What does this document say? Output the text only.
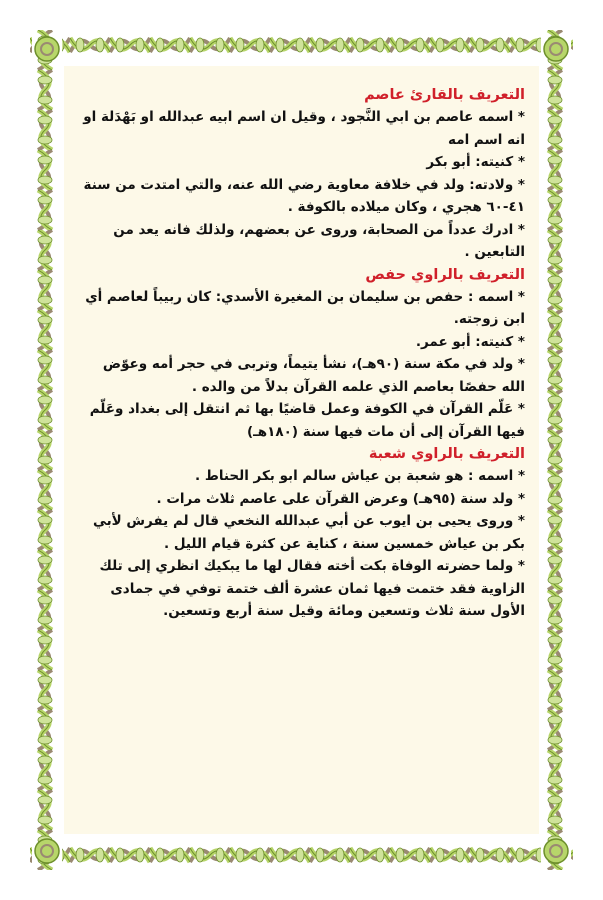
التعريف بالقارئ عاصم

* اسمه عاصم بن ابي النَّجود ، وقيل ان اسم ابيه عبدالله او بَهْدَلة او انه اسم امه

* كنيته: أبو بكر

* ولادته: ولد في خلافة معاوية رضي الله عنه، والتي امتدت من سنة ٤١-٦٠ هجري ، وكان ميلاده بالكوفة .

* ادرك عدداً من الصحابة، وروى عن بعضهم، ولذلك فانه يعد من التابعين .

التعريف بالراوي حفص

* اسمه : حفص بن سليمان بن المغيرة الأسدي: كان ربيباً لعاصم أي ابن زوجته.

* كنيته: أبو عمر.

* ولد في مكة سنة (٩٠هـ)، نشأ يتيماً، وتربى في حجر أمه وعوّض الله حفصًا بعاصم الذي علمه القرآن بدلاً من والده .

* عَلّم القرآن في الكوفة وعمل قاضيًا بها ثم انتقل إلى بغداد وعَلّم فيها القرآن إلى أن مات فيها سنة (١٨٠هـ)

التعريف بالراوي شعبة

* اسمه : هو شعبة بن عياش سالم ابو بكر الحناط .

* ولد سنة (٩٥هـ) وعرض القرآن على عاصم ثلاث مرات .

* وروى يحيى بن ايوب عن أبي عبدالله النخعي قال لم يفرش لأبي بكر بن عياش خمسين سنة ، كناية عن كثرة قيام الليل .

* ولما حضرته الوفاة بكت أخته فقال لها ما يبكيك انظري إلى تلك الزاوية فقد ختمت فيها ثمان عشرة ألف ختمة توفي في جمادى الأول سنة ثلاث وتسعين ومائة وقيل سنة أربع وتسعين.
